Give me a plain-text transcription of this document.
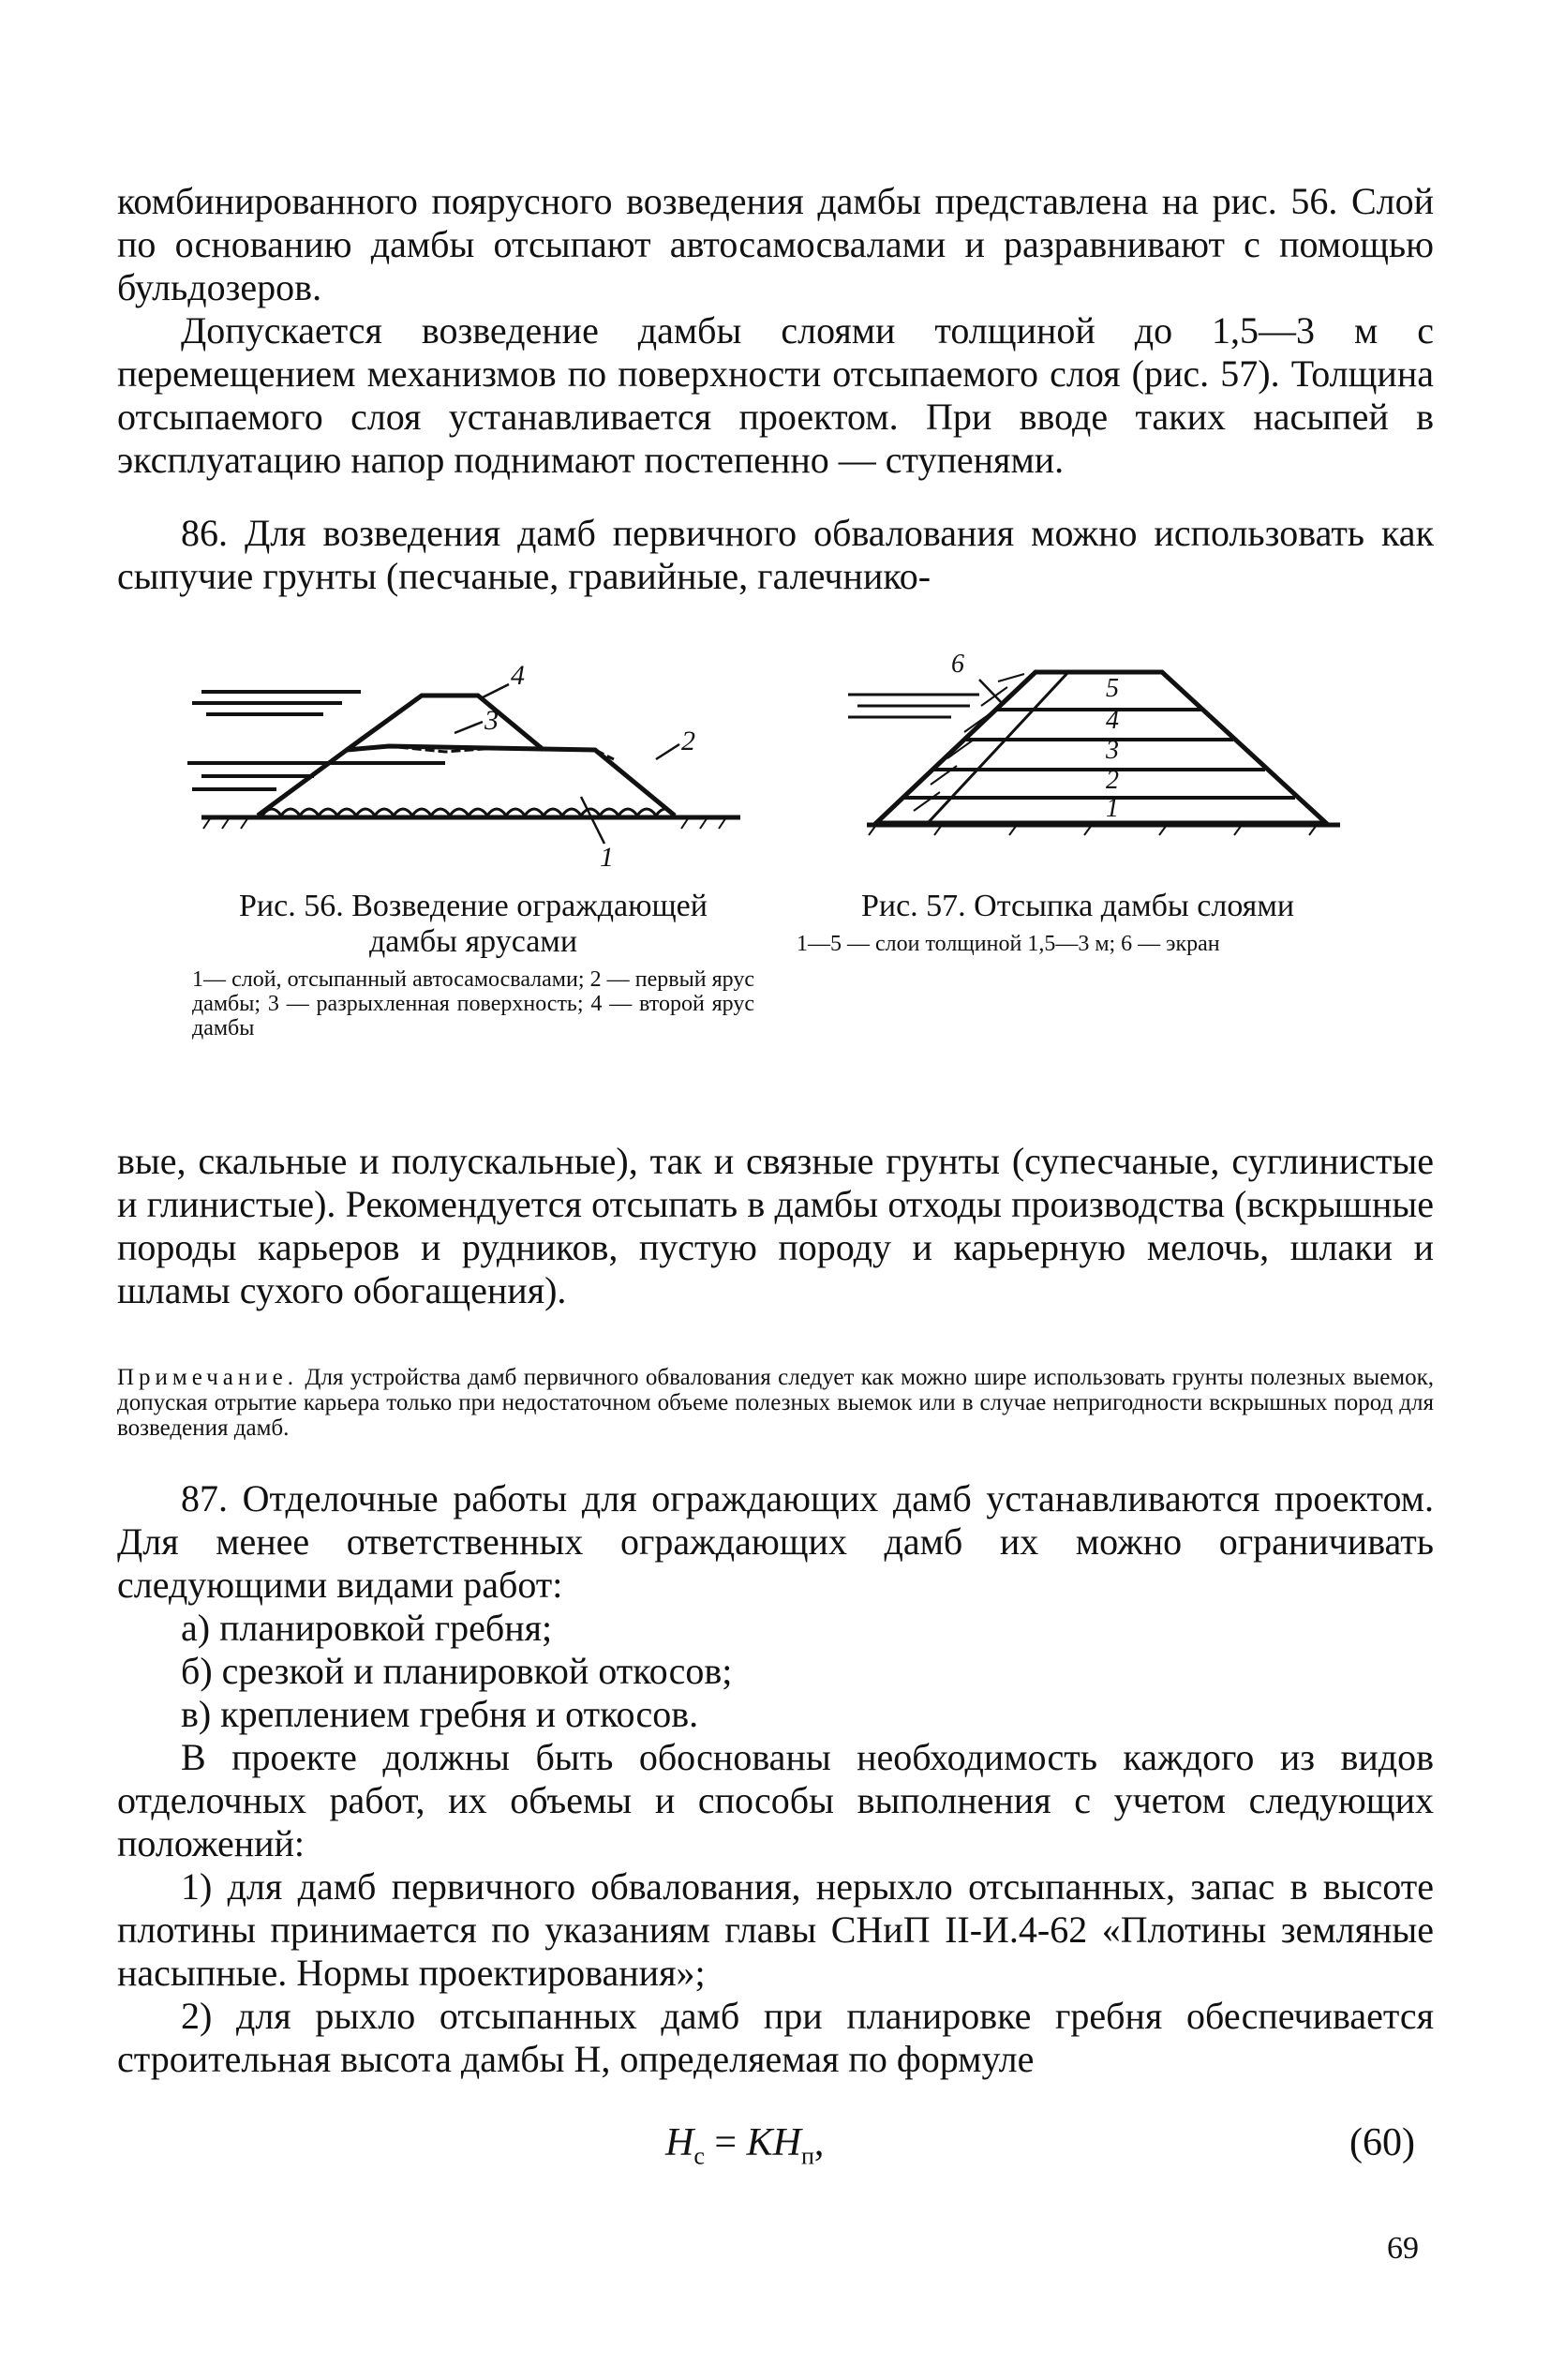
комбинированного поярусного возведения дамбы представлена на рис. 56. Слой по основанию дамбы отсыпают автосамосвалами и разравнивают с помощью бульдозеров.

Допускается возведение дамбы слоями толщиной до 1,5—3 м с перемещением механизмов по поверхности отсыпаемого слоя (рис. 57). Толщина отсыпаемого слоя устанавливается проектом. При вводе таких насыпей в эксплуатацию напор поднимают постепенно — ступенями.

86. Для возведения дамб первичного обвалования можно использовать как сыпучие грунты (песчаные, гравийные, галечнико-

4
3
2
1

Рис. 56. Возведение ограждающей дамбы ярусами

1— слой, отсыпанный автосамосвалами; 2 — первый ярус дамбы; 3 — разрыхленная поверхность; 4 — второй ярус дамбы

6
5
4
3
2
1

Рис. 57. Отсыпка дамбы слоями

1—5 — слои толщиной 1,5—3 м; 6 — экран

вые, скальные и полускальные), так и связные грунты (супесчаные, суглинистые и глинистые). Рекомендуется отсыпать в дамбы отходы производства (вскрышные породы карьеров и рудников, пустую породу и карьерную мелочь, шлаки и шламы сухого обогащения).

Примечание. Для устройства дамб первичного обвалования следует как можно шире использовать грунты полезных выемок, допуская отрытие карьера только при недостаточном объеме полезных выемок или в случае непригодности вскрышных пород для возведения дамб.

87. Отделочные работы для ограждающих дамб устанавливаются проектом. Для менее ответственных ограждающих дамб их можно ограничивать следующими видами работ:

а) планировкой гребня;

б) срезкой и планировкой откосов;

в) креплением гребня и откосов.

В проекте должны быть обоснованы необходимость каждого из видов отделочных работ, их объемы и способы выполнения с учетом следующих положений:

1) для дамб первичного обвалования, нерыхло отсыпанных, запас в высоте плотины принимается по указаниям главы СНиП II-И.4-62 «Плотины земляные насыпные. Нормы проектирования»;

2) для рыхло отсыпанных дамб при планировке гребня обеспечивается строительная высота дамбы Н, определяемая по формуле

$H_с = KH_п$,	(60)
69
